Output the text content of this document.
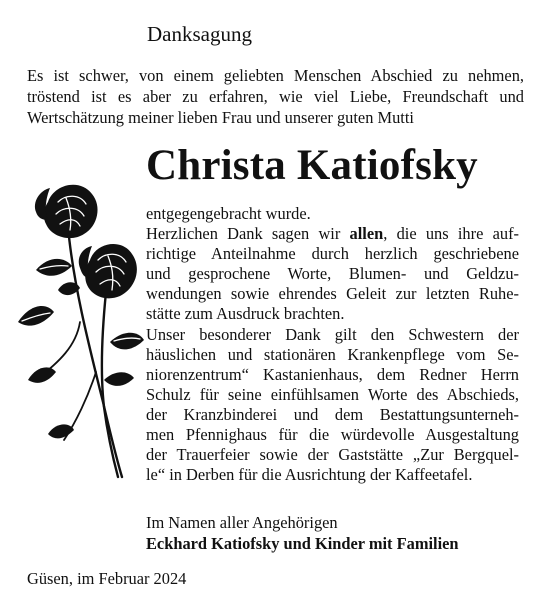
Danksagung
Es ist schwer, von einem geliebten Menschen Abschied zu nehmen,
tröstend ist es aber zu erfahren, wie viel Liebe, Freundschaft und
Wertschätzung meiner lieben Frau und unserer guten Mutti
Christa Katiofsky
entgegengebracht wurde.
Herzlichen Dank sagen wir allen, die uns ihre auf-
richtige Anteilnahme durch herzlich geschriebene
und gesprochene Worte, Blumen- und Geldzu-
wendungen sowie ehrendes Geleit zur letzten Ruhe-
stätte zum Ausdruck brachten.
Unser besonderer Dank gilt den Schwestern der
häuslichen und stationären Krankenpflege vom Se-
niorenzentrum“ Kastanienhaus, dem Redner Herrn
Schulz für seine einfühlsamen Worte des Abschieds,
der Kranzbinderei und dem Bestattungsunterneh-
men Pfennighaus für die würdevolle Ausgestaltung
der Trauerfeier sowie der Gaststätte „Zur Bergquel-
le“ in Derben für die Ausrichtung der Kaffeetafel.
Im Namen aller Angehörigen
Eckhard Katiofsky und Kinder mit Familien
Güsen, im Februar 2024
